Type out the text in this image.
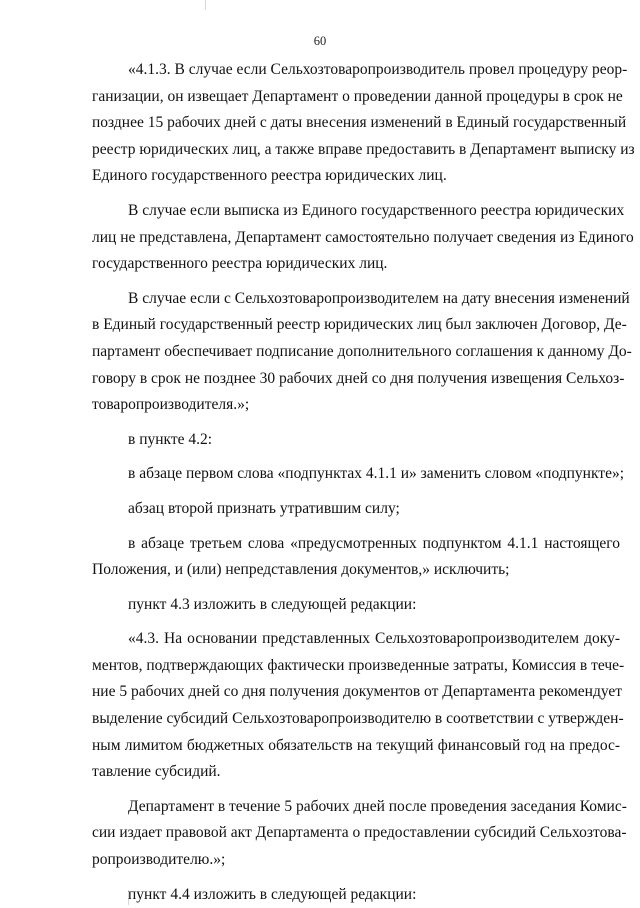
60
«4.1.3. В случае если Сельхозтоваропроизводитель провел процедуру реор-
ганизации, он извещает Департамент о проведении данной процедуры в срок не
позднее 15 рабочих дней с даты внесения изменений в Единый государственный
реестр юридических лиц, а также вправе предоставить в Департамент выписку из
Единого государственного реестра юридических лиц.
В случае если выписка из Единого государственного реестра юридических
лиц не представлена, Департамент самостоятельно получает сведения из Единого
государственного реестра юридических лиц.
В случае если с Сельхозтоваропроизводителем на дату внесения изменений
в Единый государственный реестр юридических лиц был заключен Договор, Де-
партамент обеспечивает подписание дополнительного соглашения к данному До-
говору в срок не позднее 30 рабочих дней со дня получения извещения Сельхоз-
товаропроизводителя.»;
в пункте 4.2:
в абзаце первом слова «подпунктах 4.1.1 и» заменить словом «подпункте»;
абзац второй признать утратившим силу;
в абзаце третьем слова «предусмотренных подпунктом 4.1.1 настоящего
Положения, и (или) непредставления документов,» исключить;
пункт 4.3 изложить в следующей редакции:
«4.3. На основании представленных Сельхозтоваропроизводителем доку-
ментов, подтверждающих фактически произведенные затраты, Комиссия в тече-
ние 5 рабочих дней со дня получения документов от Департамента рекомендует
выделение субсидий Сельхозтоваропроизводителю в соответствии с утвержден-
ным лимитом бюджетных обязательств на текущий финансовый год на предос-
тавление субсидий.
Департамент в течение 5 рабочих дней после проведения заседания Комис-
сии издает правовой акт Департамента о предоставлении субсидий Сельхозтова-
ропроизводителю.»;
пункт 4.4 изложить в следующей редакции:
